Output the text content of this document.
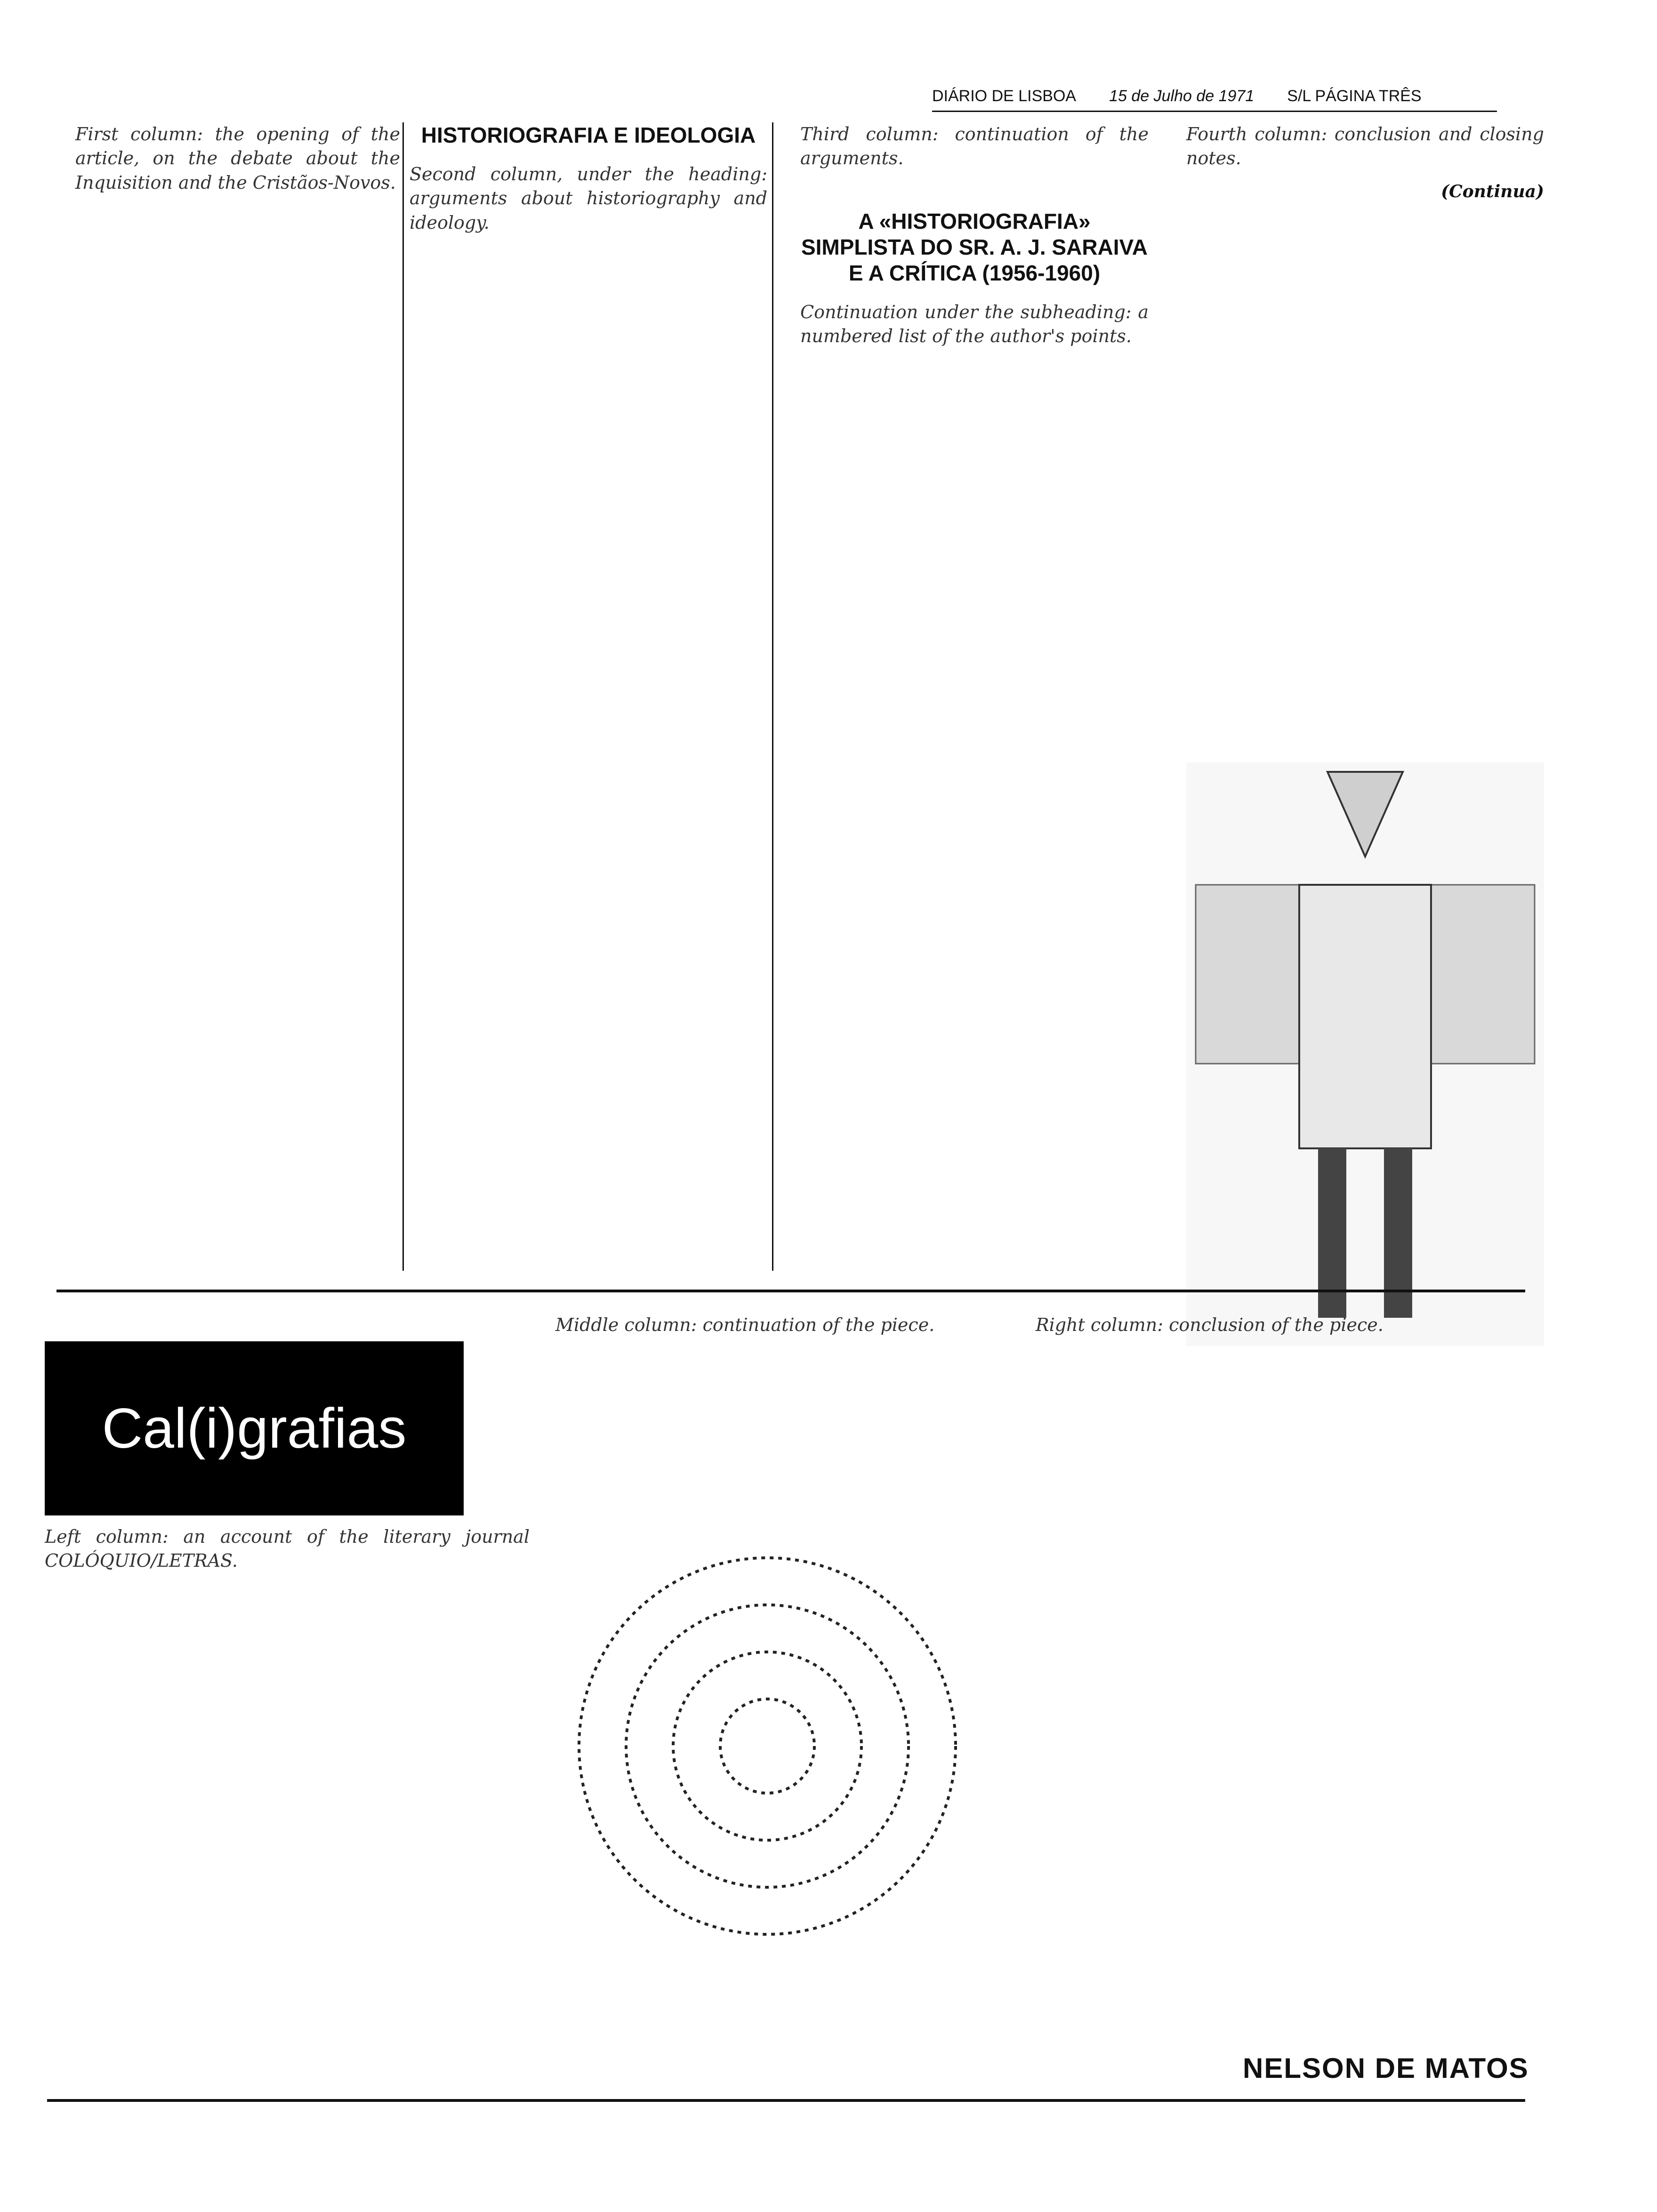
DIÁRIO DE LISBOA 15 de Julho de 1971 S/L PÁGINA TRÊS

First column: the opening of the article, on the debate about the Inquisition and the Cristãos-Novos.

HISTORIOGRAFIA E IDEOLOGIA

Second column, under the heading: arguments about historiography and ideology.

Third column: continuation of the arguments.

A «HISTORIOGRAFIA» SIMPLISTA DO SR. A. J. SARAIVA E A CRÍTICA (1956-1960)

Continuation under the subheading: a numbered list of the author's points.

Fourth column: conclusion and closing notes.

(Continua)
Cal(i)grafias

Left column: an account of the literary journal COLÓQUIO/LETRAS.

Middle column: continuation of the piece.	Right column: conclusion of the piece.

NELSON DE MATOS
